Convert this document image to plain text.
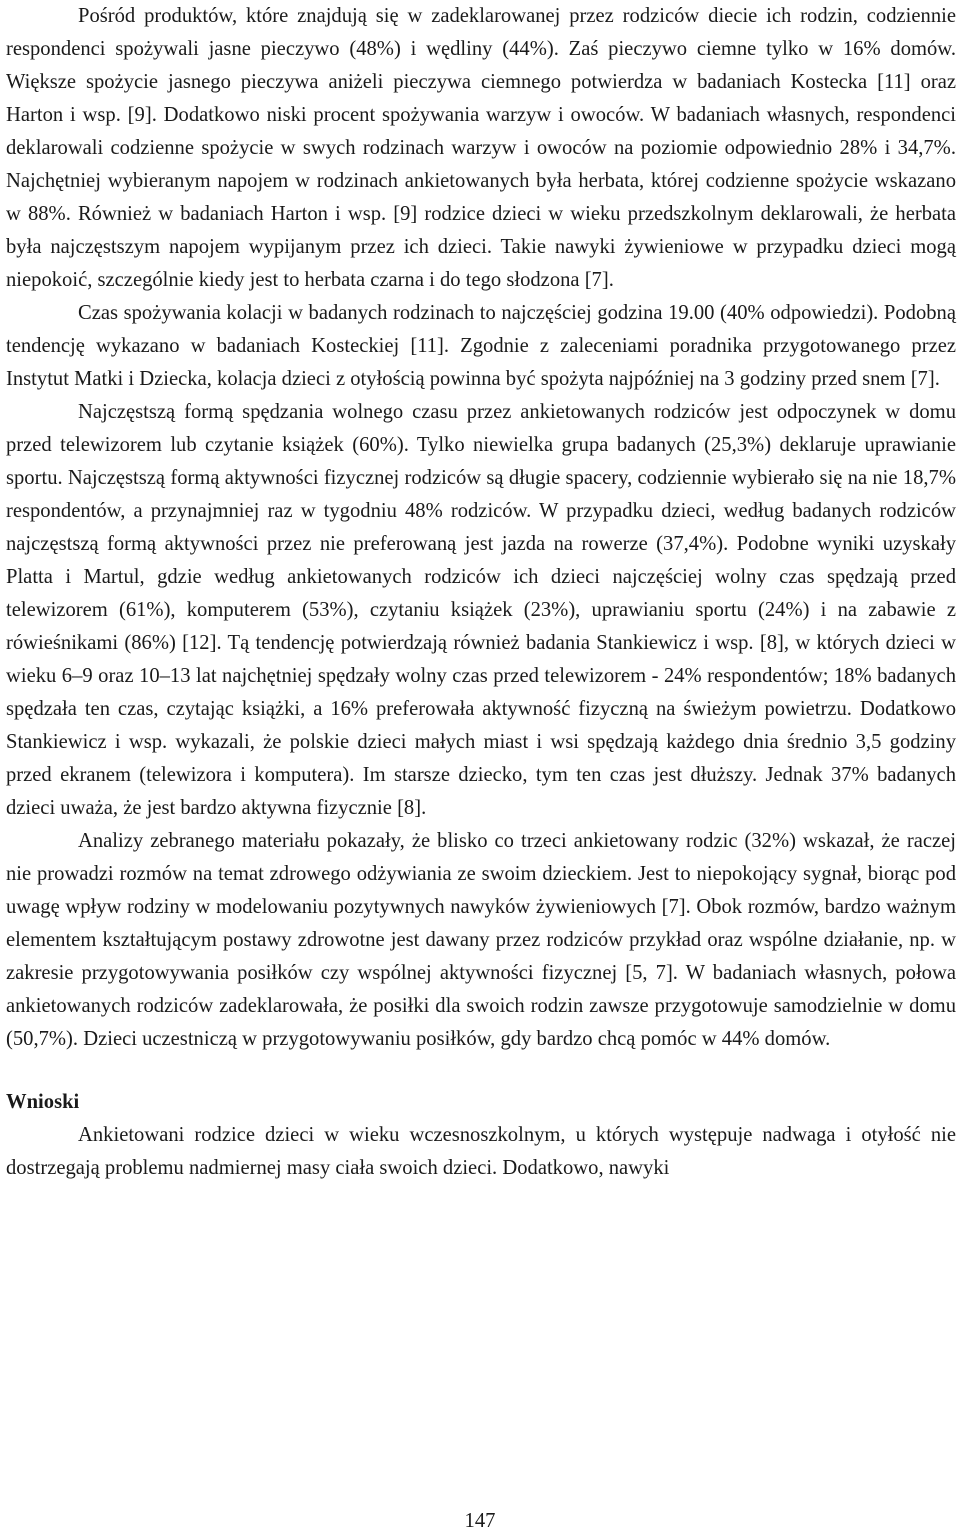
Pośród produktów, które znajdują się w zadeklarowanej przez rodziców diecie ich rodzin, codziennie respondenci spożywali jasne pieczywo (48%) i wędliny (44%). Zaś pieczywo ciemne tylko w 16% domów. Większe spożycie jasnego pieczywa aniżeli pieczywa ciemnego potwierdza w badaniach Kostecka [11] oraz Harton i wsp. [9]. Dodatkowo niski procent spożywania warzyw i owoców. W badaniach własnych, respondenci deklarowali codzienne spożycie w swych rodzinach warzyw i owoców na poziomie odpowiednio 28% i 34,7%. Najchętniej wybieranym napojem w rodzinach ankietowanych była herbata, której codzienne spożycie wskazano w 88%. Również w badaniach Harton i wsp. [9] rodzice dzieci w wieku przedszkolnym deklarowali, że herbata była najczęstszym napojem wypijanym przez ich dzieci. Takie nawyki żywieniowe w przypadku dzieci mogą niepokoić, szczególnie kiedy jest to herbata czarna i do tego słodzona [7].

Czas spożywania kolacji w badanych rodzinach to najczęściej godzina 19.00 (40% odpowiedzi). Podobną tendencję wykazano w badaniach Kosteckiej [11]. Zgodnie z zaleceniami poradnika przygotowanego przez Instytut Matki i Dziecka, kolacja dzieci z otyłością powinna być spożyta najpóźniej na 3 godziny przed snem [7].

Najczęstszą formą spędzania wolnego czasu przez ankietowanych rodziców jest odpoczynek w domu przed telewizorem lub czytanie książek (60%). Tylko niewielka grupa badanych (25,3%) deklaruje uprawianie sportu. Najczęstszą formą aktywności fizycznej rodziców są długie spacery, codziennie wybierało się na nie 18,7% respondentów, a przynajmniej raz w tygodniu 48% rodziców. W przypadku dzieci, według badanych rodziców najczęstszą formą aktywności przez nie preferowaną jest jazda na rowerze (37,4%). Podobne wyniki uzyskały Platta i Martul, gdzie według ankietowanych rodziców ich dzieci najczęściej wolny czas spędzają przed telewizorem (61%), komputerem (53%), czytaniu książek (23%), uprawianiu sportu (24%) i na zabawie z rówieśnikami (86%) [12]. Tą tendencję potwierdzają również badania Stankiewicz i wsp. [8], w których dzieci w wieku 6–9 oraz 10–13 lat najchętniej spędzały wolny czas przed telewizorem - 24% respondentów; 18% badanych spędzała ten czas, czytając książki, a 16% preferowała aktywność fizyczną na świeżym powietrzu. Dodatkowo Stankiewicz i wsp. wykazali, że polskie dzieci małych miast i wsi spędzają każdego dnia średnio 3,5 godziny przed ekranem (telewizora i komputera). Im starsze dziecko, tym ten czas jest dłuższy. Jednak 37% badanych dzieci uważa, że jest bardzo aktywna fizycznie [8].

Analizy zebranego materiału pokazały, że blisko co trzeci ankietowany rodzic (32%) wskazał, że raczej nie prowadzi rozmów na temat zdrowego odżywiania ze swoim dzieckiem. Jest to niepokojący sygnał, biorąc pod uwagę wpływ rodziny w modelowaniu pozytywnych nawyków żywieniowych [7]. Obok rozmów, bardzo ważnym elementem kształtującym postawy zdrowotne jest dawany przez rodziców przykład oraz wspólne działanie, np. w zakresie przygotowywania posiłków czy wspólnej aktywności fizycznej [5, 7]. W badaniach własnych, połowa ankietowanych rodziców zadeklarowała, że posiłki dla swoich rodzin zawsze przygotowuje samodzielnie w domu (50,7%). Dzieci uczestniczą w przygotowywaniu posiłków, gdy bardzo chcą pomóc w 44% domów.

Wnioski

Ankietowani rodzice dzieci w wieku wczesnoszkolnym, u których występuje nadwaga i otyłość nie dostrzegają problemu nadmiernej masy ciała swoich dzieci. Dodatkowo, nawyki

147
